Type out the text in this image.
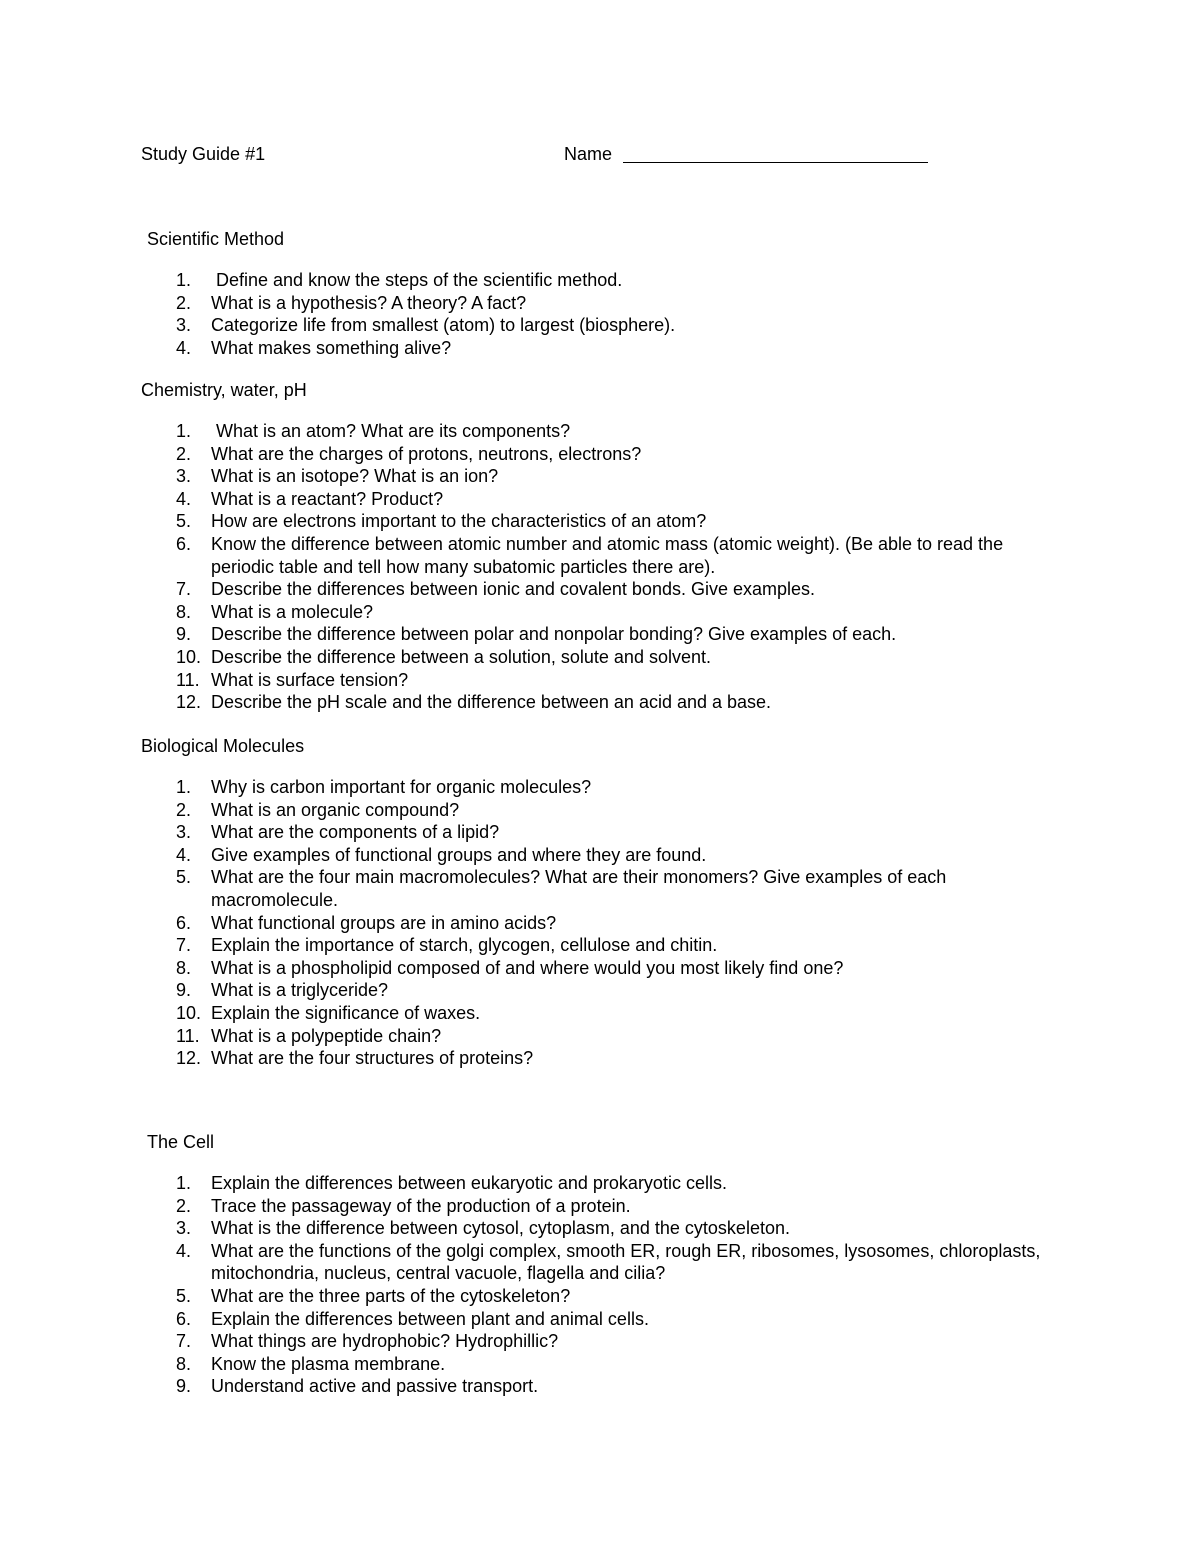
Study Guide #1	Name
Scientific Method
1. Define and know the steps of the scientific method.
2. What is a hypothesis? A theory? A fact?
3. Categorize life from smallest (atom) to largest (biosphere).
4. What makes something alive?
Chemistry, water, pH
1. What is an atom? What are its components?
2. What are the charges of protons, neutrons, electrons?
3. What is an isotope? What is an ion?
4. What is a reactant? Product?
5. How are electrons important to the characteristics of an atom?
6. Know the difference between atomic number and atomic mass (atomic weight). (Be able to read the periodic table and tell how many subatomic particles there are).
7. Describe the differences between ionic and covalent bonds. Give examples.
8. What is a molecule?
9. Describe the difference between polar and nonpolar bonding? Give examples of each.
10. Describe the difference between a solution, solute and solvent.
11. What is surface tension?
12. Describe the pH scale and the difference between an acid and a base.
Biological Molecules
1. Why is carbon important for organic molecules?
2. What is an organic compound?
3. What are the components of a lipid?
4. Give examples of functional groups and where they are found.
5. What are the four main macromolecules? What are their monomers? Give examples of each macromolecule.
6. What functional groups are in amino acids?
7. Explain the importance of starch, glycogen, cellulose and chitin.
8. What is a phospholipid composed of and where would you most likely find one?
9. What is a triglyceride?
10. Explain the significance of waxes.
11. What is a polypeptide chain?
12. What are the four structures of proteins?
The Cell
1. Explain the differences between eukaryotic and prokaryotic cells.
2. Trace the passageway of the production of a protein.
3. What is the difference between cytosol, cytoplasm, and the cytoskeleton.
4. What are the functions of the golgi complex, smooth ER, rough ER, ribosomes, lysosomes, chloroplasts, mitochondria, nucleus, central vacuole, flagella and cilia?
5. What are the three parts of the cytoskeleton?
6. Explain the differences between plant and animal cells.
7. What things are hydrophobic? Hydrophillic?
8. Know the plasma membrane.
9. Understand active and passive transport.
